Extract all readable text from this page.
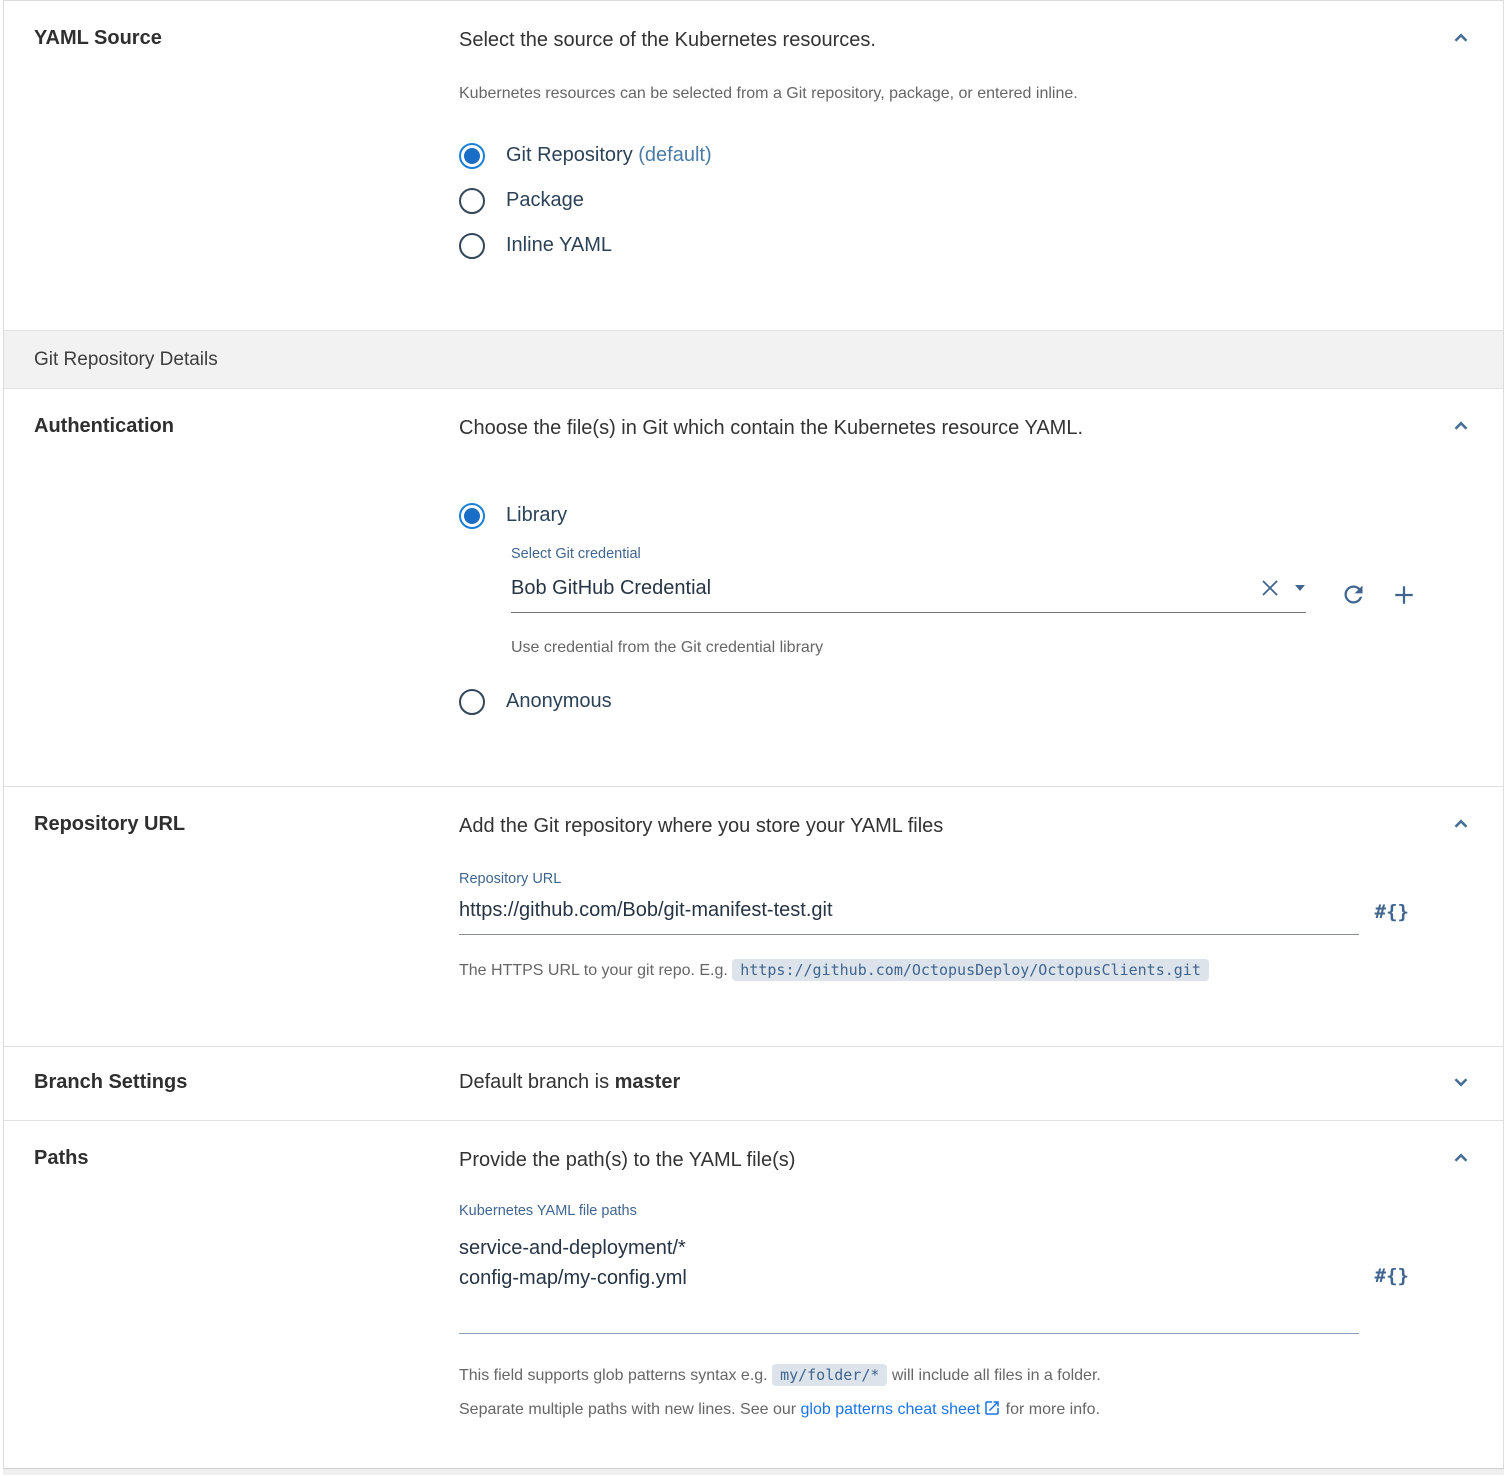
YAML Source	Select the source of the Kubernetes resources.
Kubernetes resources can be selected from a Git repository, package, or entered inline.
Git Repository (default)
Package
Inline YAML
Git Repository Details
Authentication	Choose the file(s) in Git which contain the Kubernetes resource YAML.
Library
Select Git credential
Bob GitHub Credential
Use credential from the Git credential library
Anonymous
Repository URL	Add the Git repository where you store your YAML files
Repository URL
https://github.com/Bob/git-manifest-test.git
#{}
The HTTPS URL to your git repo. E.g. https://github.com/OctopusDeploy/OctopusClients.git
Branch Settings	Default branch is master
Paths	Provide the path(s) to the YAML file(s)
Kubernetes YAML file paths
service-and-deployment/* config-map/my-config.yml
#{}
This field supports glob patterns syntax e.g. my/folder/* will include all files in a folder.
Separate multiple paths with new lines. See our glob patterns cheat sheet for more info.
